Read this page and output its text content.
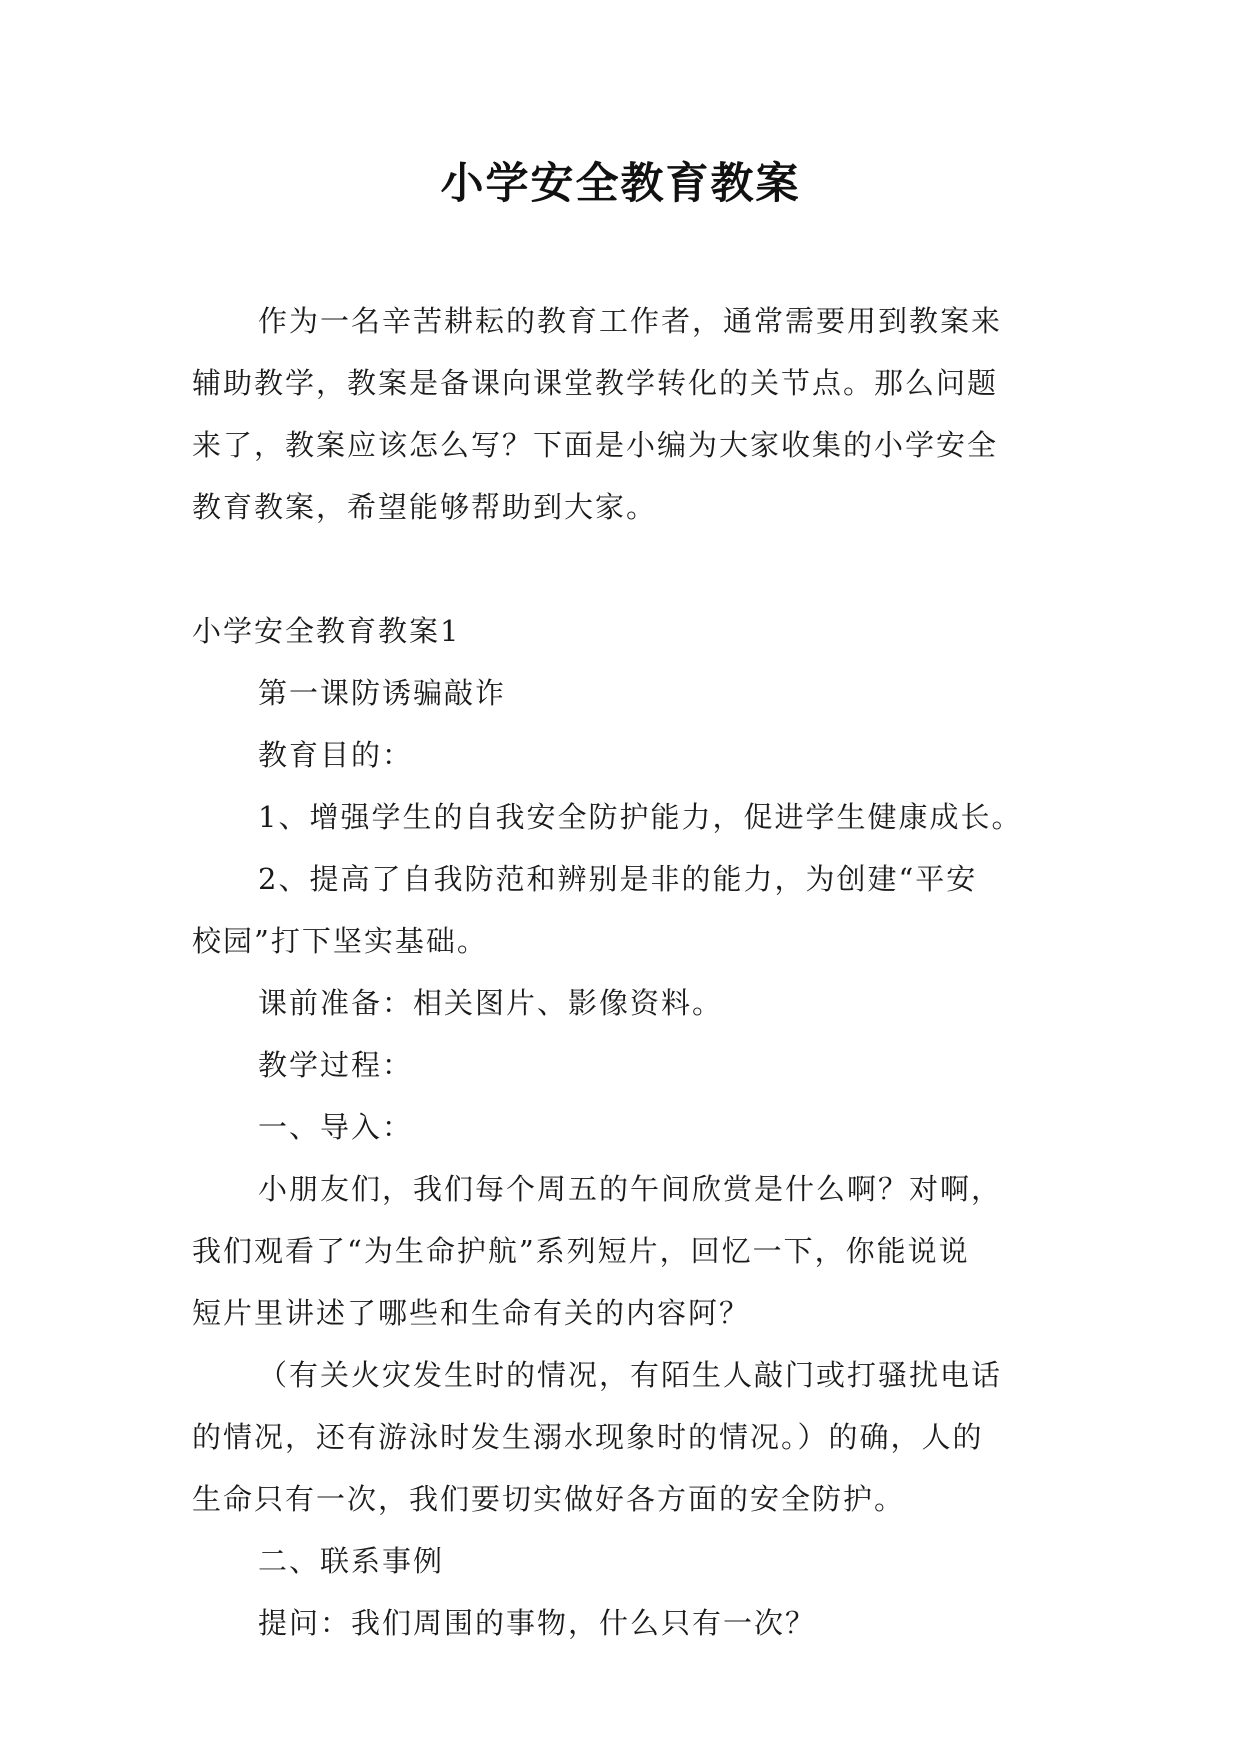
小学安全教育教案

作为一名辛苦耕耘的教育工作者，通常需要用到教案来

辅助教学，教案是备课向课堂教学转化的关节点。那么问题

来了，教案应该怎么写？下面是小编为大家收集的小学安全

教育教案，希望能够帮助到大家。

小学安全教育教案1

第一课防诱骗敲诈

教育目的：

1、增强学生的自我安全防护能力，促进学生健康成长。

2、提高了自我防范和辨别是非的能力，为创建“平安

校园”打下坚实基础。

课前准备：相关图片、影像资料。

教学过程：

一、导入：

小朋友们，我们每个周五的午间欣赏是什么啊？对啊，

我们观看了“为生命护航”系列短片，回忆一下，你能说说

短片里讲述了哪些和生命有关的内容阿？

（有关火灾发生时的情况，有陌生人敲门或打骚扰电话

的情况，还有游泳时发生溺水现象时的情况。）的确，人的

生命只有一次，我们要切实做好各方面的安全防护。

二、联系事例

提问：我们周围的事物，什么只有一次？
